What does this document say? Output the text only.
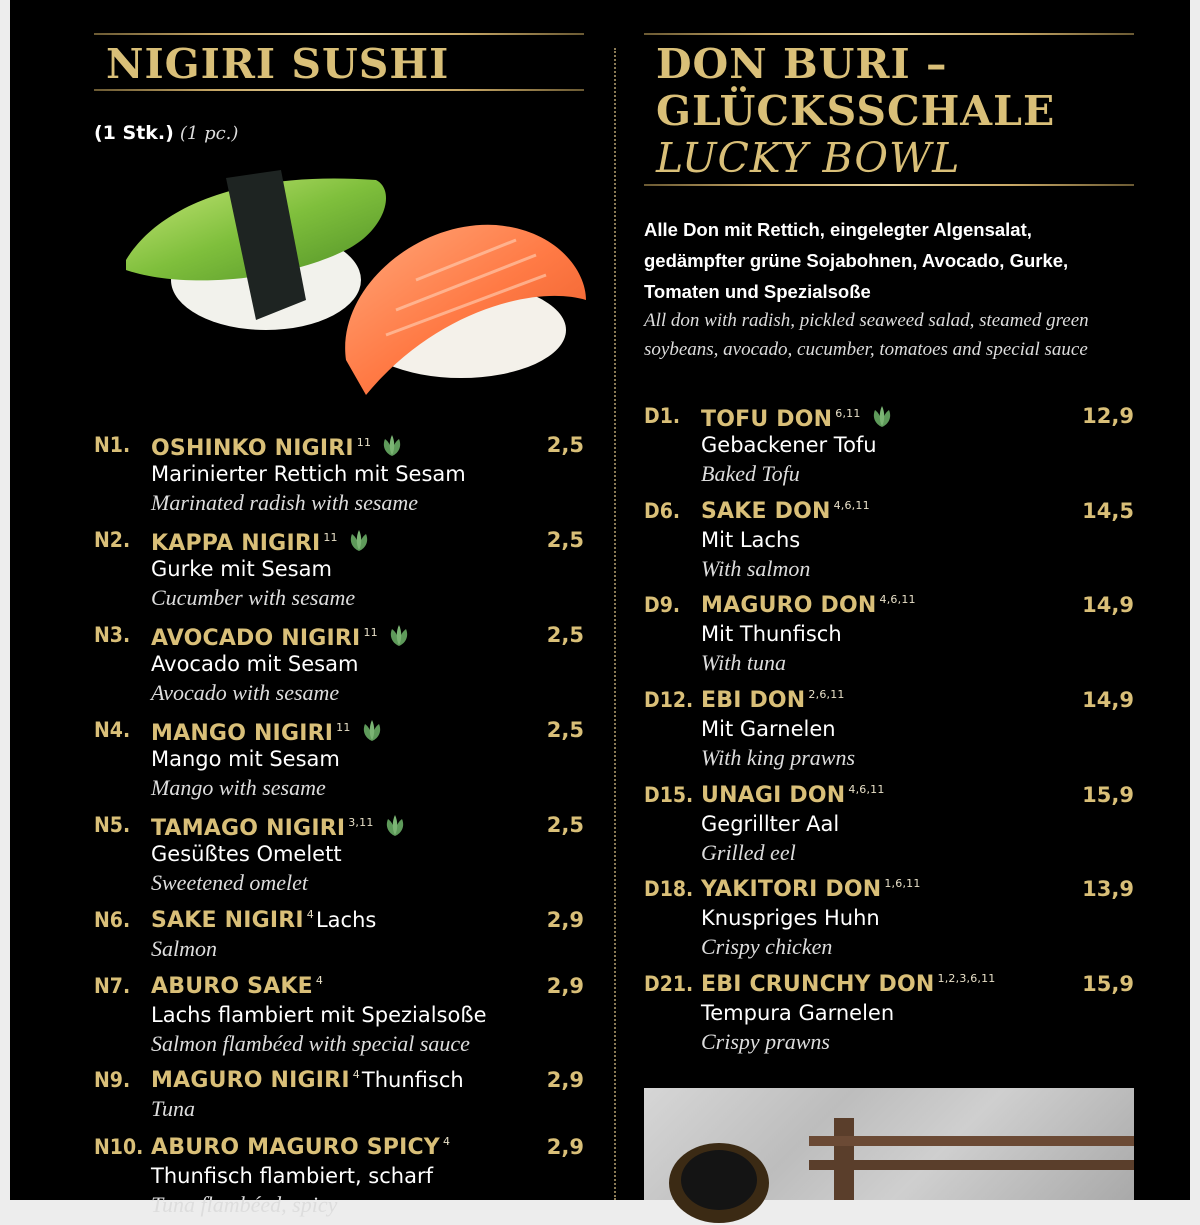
NIGIRI SUSHI
(1 Stk.) (1 pc.)
N1. OSHINKO NIGIRI $^{11}$	2,5
Marinierter Rettich mit Sesam
Marinated radish with sesame
N2. KAPPA NIGIRI $^{11}$	2,5
Gurke mit Sesam
Cucumber with sesame
N3. AVOCADO NIGIRI $^{11}$	2,5
Avocado mit Sesam
Avocado with sesame
N4. MANGO NIGIRI $^{11}$	2,5
Mango mit Sesam
Mango with sesame
N5. TAMAGO NIGIRI $^{3,11}$	2,5
Gesüßtes Omelett
Sweetened omelet
N6. SAKE NIGIRI $^4$Lachs	2,9
Salmon
N7. ABURO SAKE $^4$	2,9
Lachs flambiert mit Spezialsoße
Salmon flambéed with special sauce
N9. MAGURO NIGIRI $^4$Thunfisch	2,9
Tuna
N10. ABURO MAGURO SPICY $^4$	2,9
Thunfisch flambiert, scharf
Tuna flambéed, spicy
DON BURI –
GLÜCKSSCHALE
LUCKY BOWL
Alle Don mit Rettich, eingelegter Algensalat, gedämpfter grüne Sojabohnen, Avocado, Gurke, Tomaten und Spezialsoße
All don with radish, pickled seaweed salad, steamed green soybeans, avocado, cucumber, tomatoes and special sauce
D1. TOFU DON $^{6,11}$	12,9
Gebackener Tofu
Baked Tofu
D6. SAKE DON $^{4,6,11}$	14,5
Mit Lachs
With salmon
D9. MAGURO DON $^{4,6,11}$	14,9
Mit Thunfisch
With tuna
D12. EBI DON $^{2,6,11}$	14,9
Mit Garnelen
With king prawns
D15. UNAGI DON $^{4,6,11}$	15,9
Gegrillter Aal
Grilled eel
D18. YAKITORI DON $^{1,6,11}$	13,9
Knuspriges Huhn
Crispy chicken
D21. EBI CRUNCHY DON $^{1,2,3,6,11}$	15,9
Tempura Garnelen
Crispy prawns
